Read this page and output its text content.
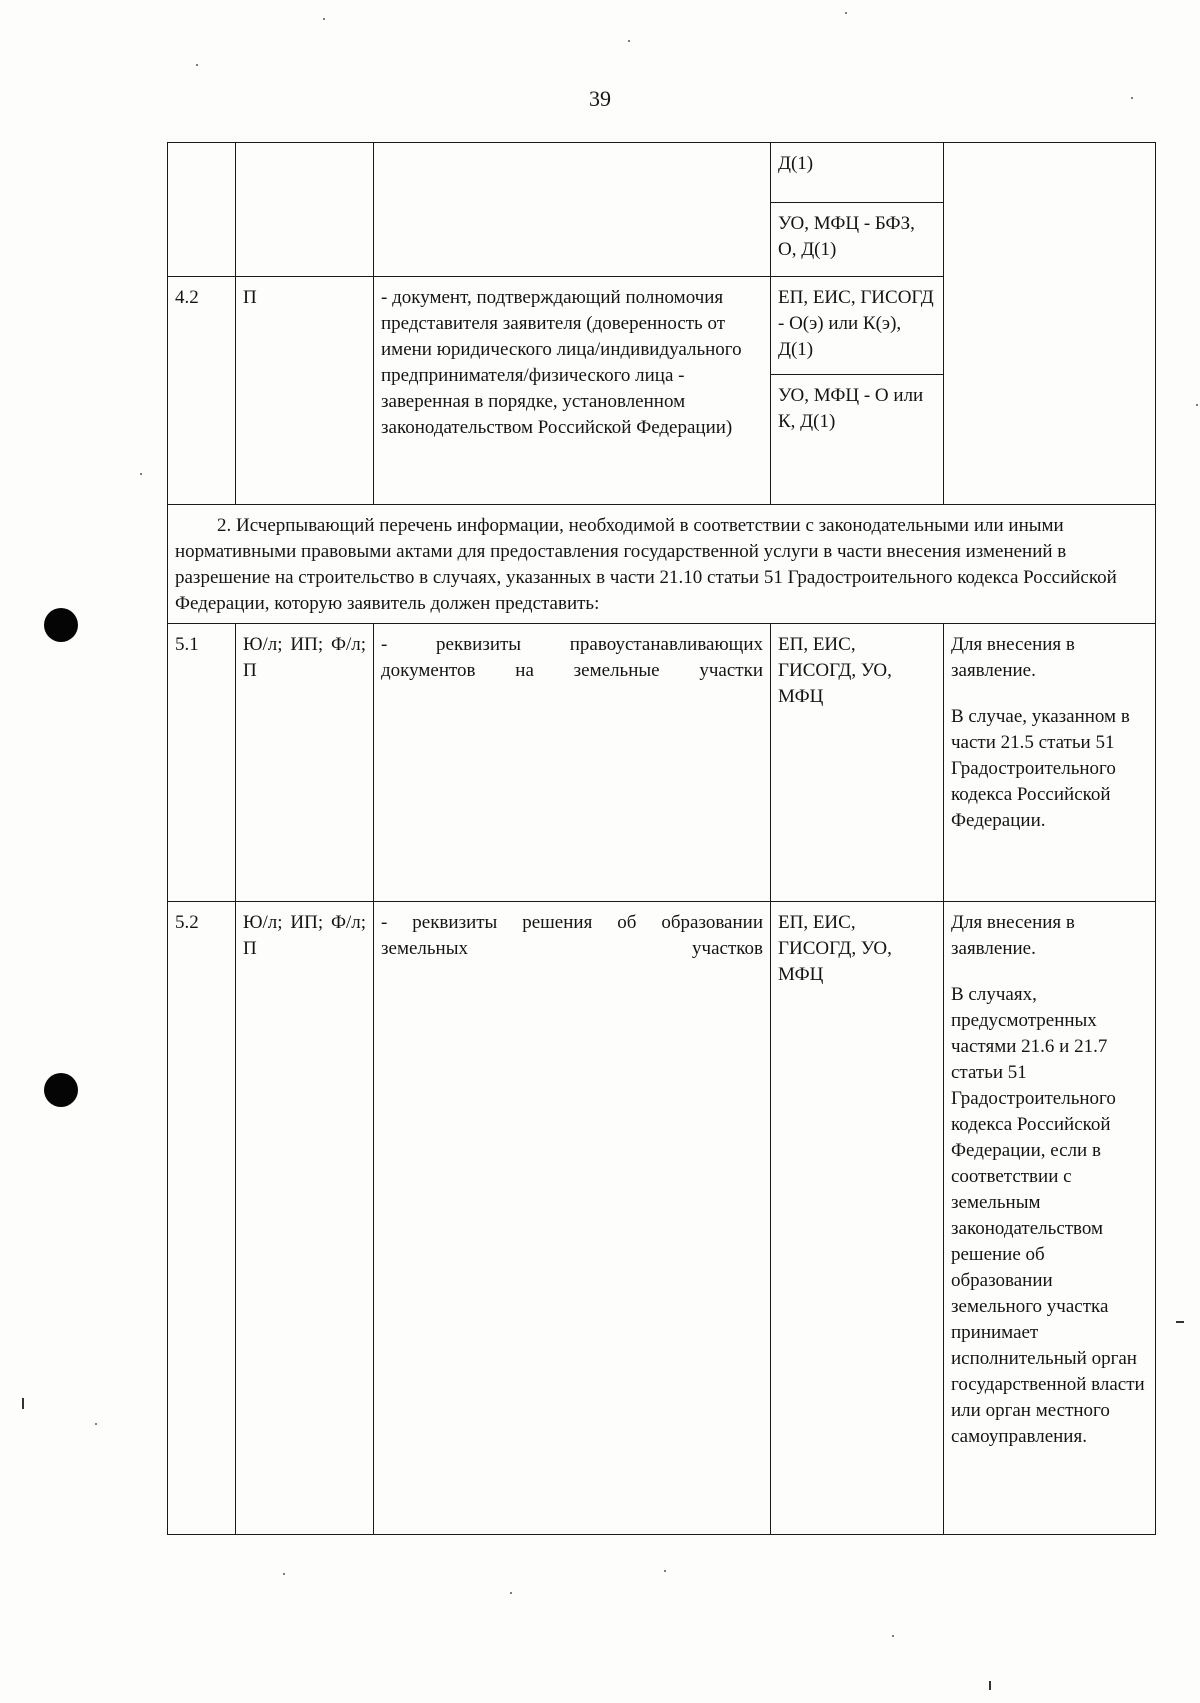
39
			Д(1)	
			УО, МФЦ - БФЗ, О, Д(1)	
4.2	П	- документ, подтверждающий полномочия представителя заявителя (доверенность от имени юридического лица/индивидуального предпринимателя/физического лица - заверенная в порядке, установленном законодательством Российской Федерации)	ЕП, ЕИС, ГИСОГД - О(э) или К(э), Д(1)	
			УО, МФЦ - О или К, Д(1)	
2. Исчерпывающий перечень информации, необходимой в соответствии с законодательными или иными нормативными правовыми актами для предоставления государственной услуги в части внесения изменений в разрешение на строительство в случаях, указанных в части 21.10 статьи 51 Градостроительного кодекса Российской Федерации, которую заявитель должен представить:				
5.1	Ю/л; ИП; Ф/л; П	- реквизиты правоустанавливающих документов на земельные участки	ЕП, ЕИС, ГИСОГД, УО, МФЦ	Для внесения в заявление.
В случае, указанном в части 21.5 статьи 51 Градостроительного кодекса Российской Федерации.

5.2	Ю/л; ИП; Ф/л; П	- реквизиты решения об образовании земельных участков	ЕП, ЕИС, ГИСОГД, УО, МФЦ	Для внесения в заявление.
В случаях, предусмотренных частями 21.6 и 21.7 статьи 51 Градостроительного кодекса Российской Федерации, если в соответствии с земельным законодательством решение об образовании земельного участка принимает исполнительный орган государственной власти или орган местного самоуправления.
